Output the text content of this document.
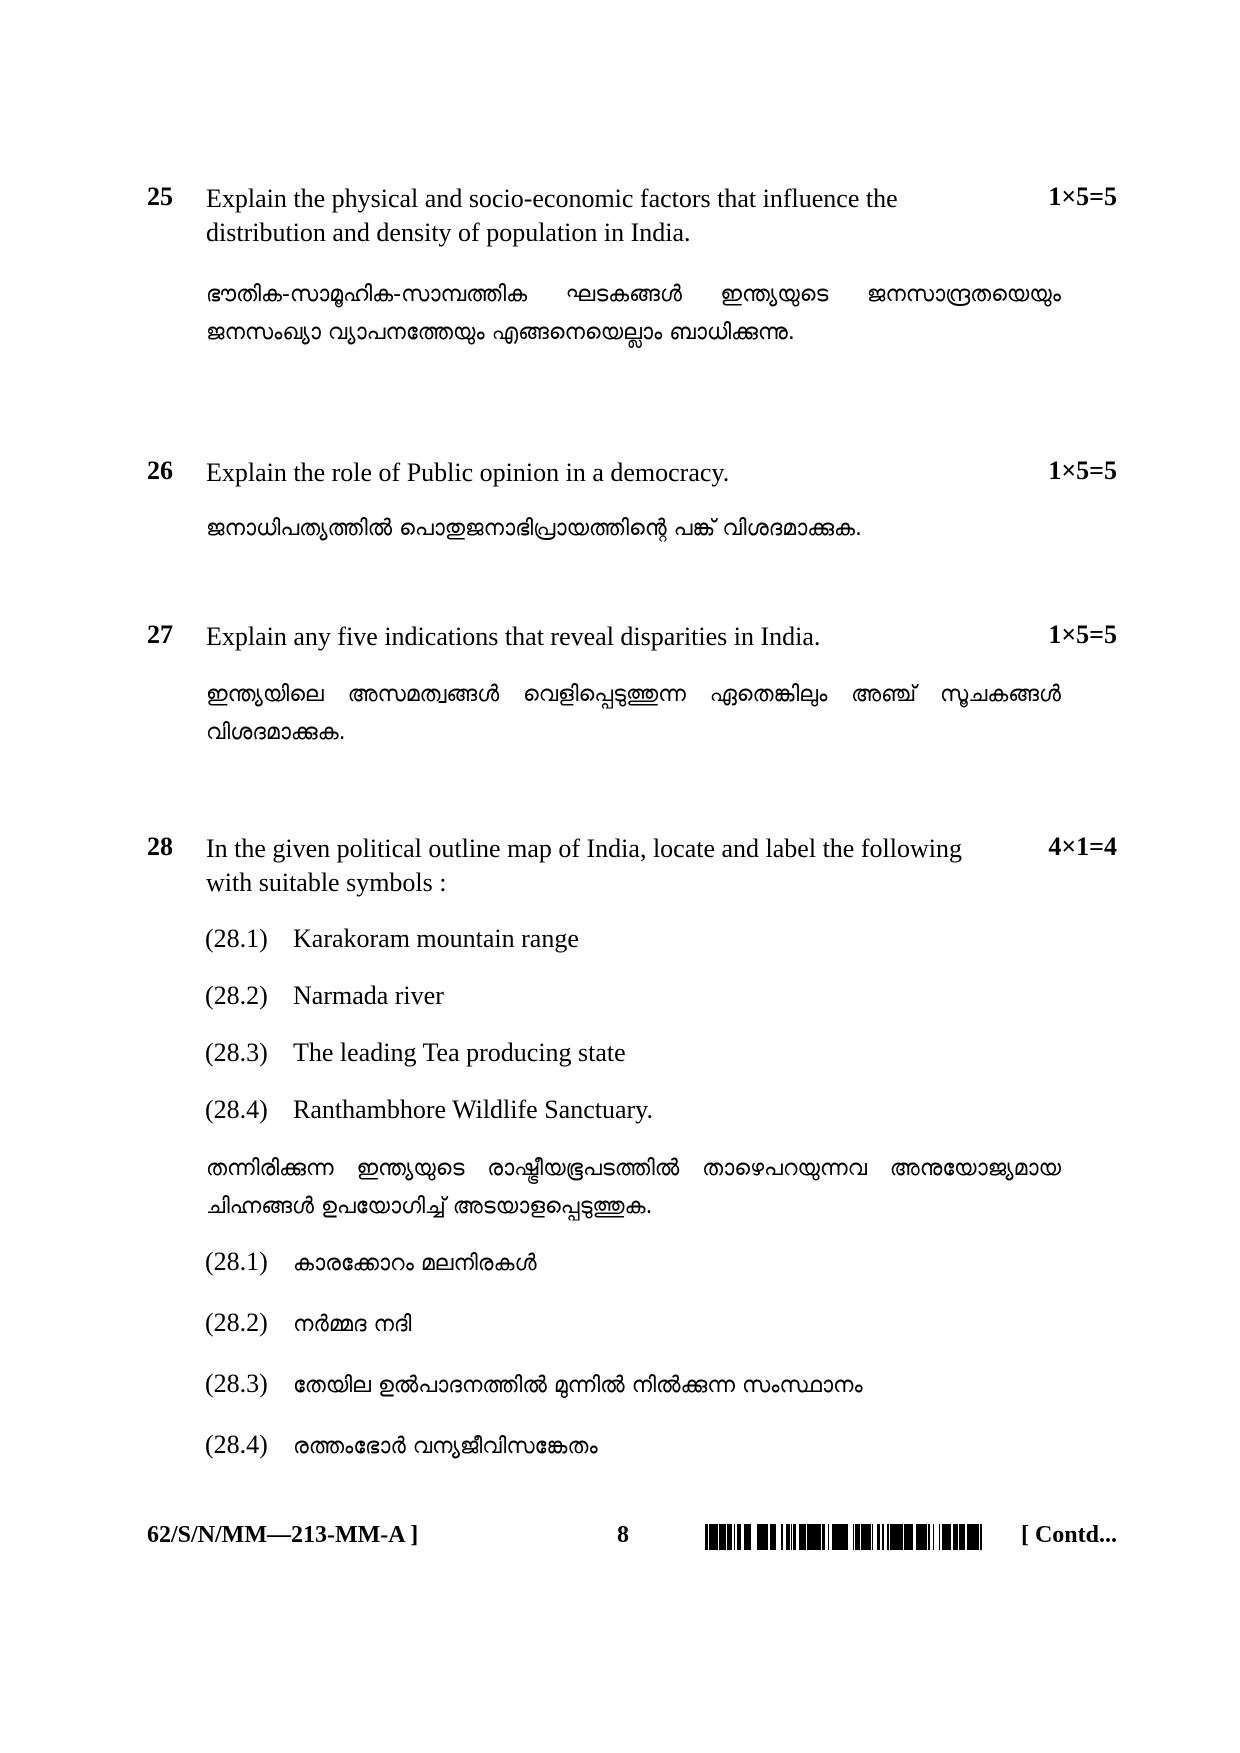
25 Explain the physical and socio-economic factors that influence the distribution and density of population in India.
1×5=5
ഭൗതിക-സാമൂഹിക-സാമ്പത്തിക ഘടകങ്ങൾ ഇന്ത്യയുടെ ജനസാന്ദ്രതയെയും ജനസംഖ്യാ വ്യാപനത്തേയും എങ്ങനെയെല്ലാം ബാധിക്കുന്നു.
26 Explain the role of Public opinion in a democracy.	1×5=5
ജനാധിപത്യത്തിൽ പൊതുജനാഭിപ്രായത്തിന്റെ പങ്ക് വിശദമാക്കുക.
27 Explain any five indications that reveal disparities in India.	1×5=5
ഇന്ത്യയിലെ അസമത്വങ്ങൾ വെളിപ്പെടുത്തുന്ന ഏതെങ്കിലും അഞ്ച് സൂചകങ്ങൾ വിശദമാക്കുക.
28 In the given political outline map of India, locate and label the following with suitable symbols :
4×1=4
(28.1) Karakoram mountain range
(28.2) Narmada river
(28.3) The leading Tea producing state
(28.4) Ranthambhore Wildlife Sanctuary.
തന്നിരിക്കുന്ന ഇന്ത്യയുടെ രാഷ്ട്രീയഭൂപടത്തിൽ താഴെപറയുന്നവ അനുയോജ്യമായ ചിഹ്നങ്ങൾ ഉപയോഗിച്ച് അടയാളപ്പെടുത്തുക.
(28.1) കാരക്കോറം മലനിരകൾ
(28.2) നർമ്മദ നദി
(28.3) തേയില ഉൽപാദനത്തിൽ മുന്നിൽ നിൽക്കുന്ന സംസ്ഥാനം
(28.4) രത്തംഭോർ വന്യജീവിസങ്കേതം
62/S/N/MM—213-MM-A ]	8	[ Contd...
